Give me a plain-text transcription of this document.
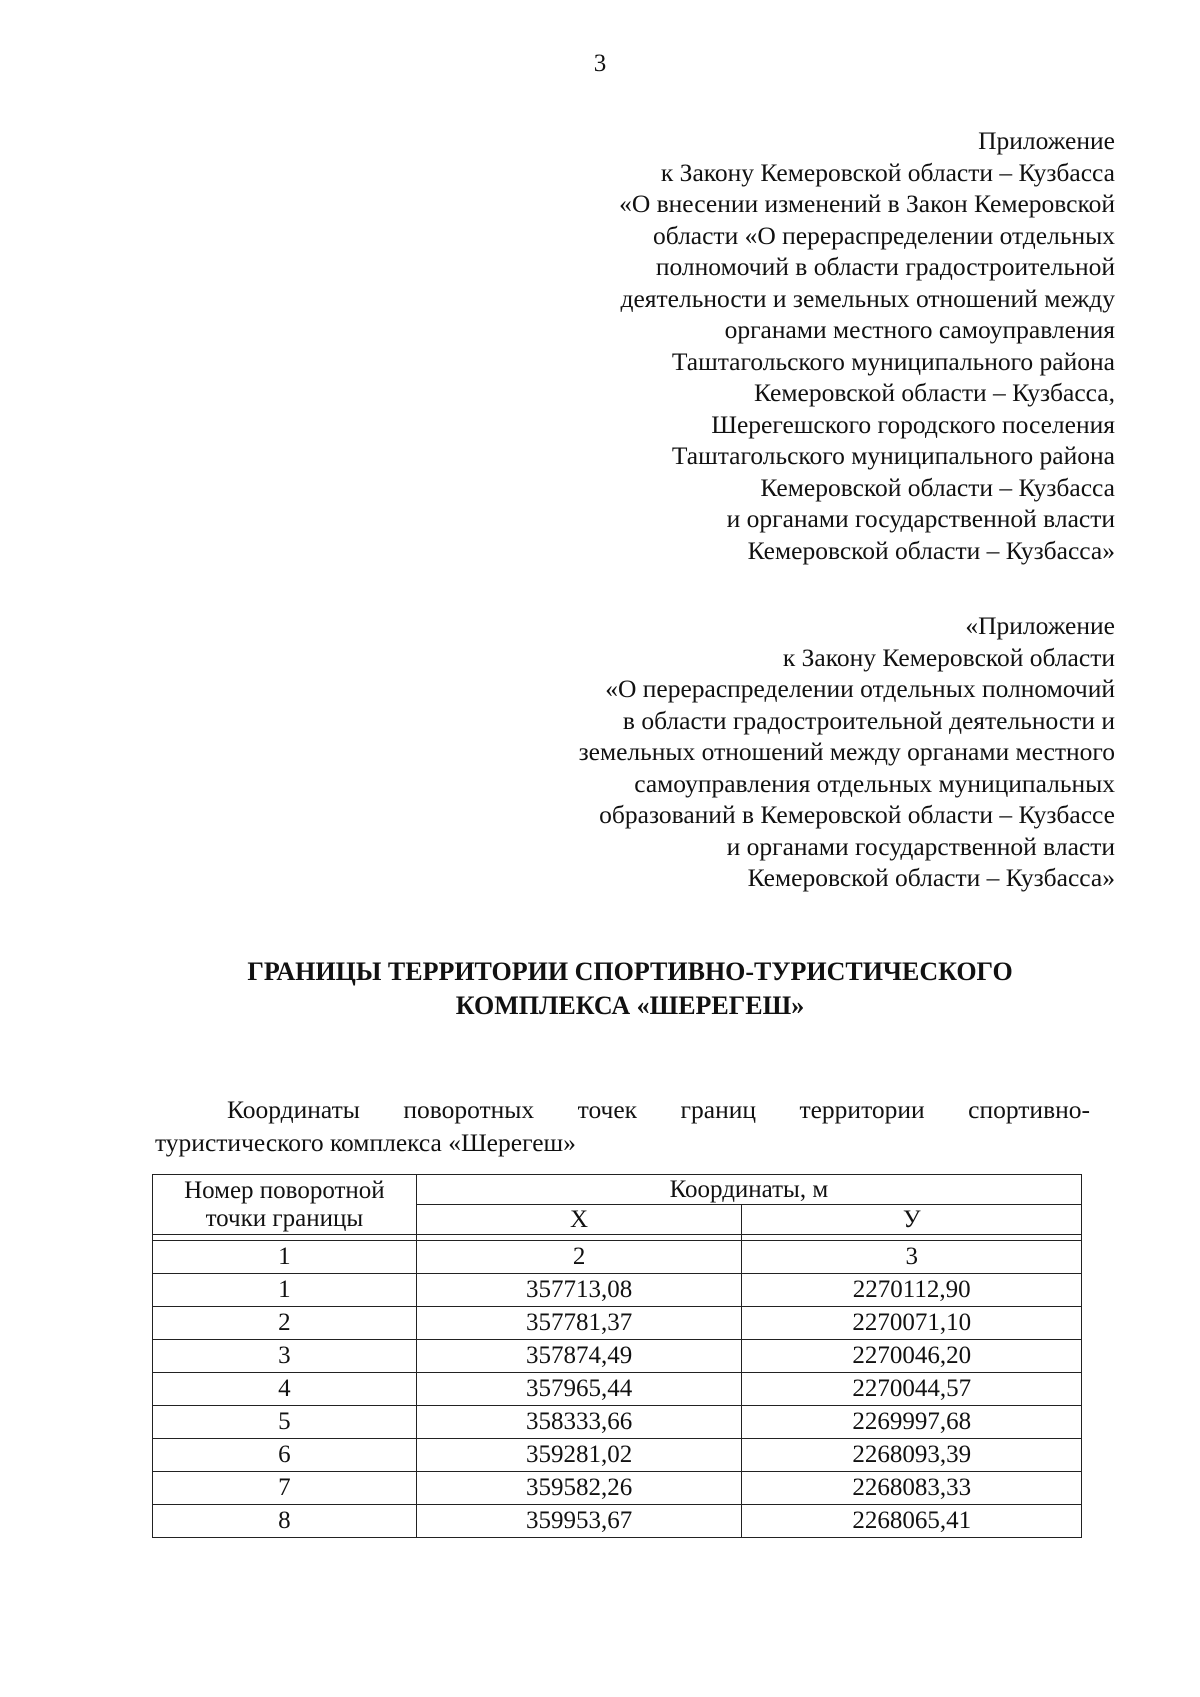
3
Приложение
к Закону Кемеровской области – Кузбасса
«О внесении изменений в Закон Кемеровской
области «О перераспределении отдельных
полномочий в области градостроительной
деятельности и земельных отношений между
органами местного самоуправления
Таштагольского муниципального района
Кемеровской области – Кузбасса,
Шерегешского городского поселения
Таштагольского муниципального района
Кемеровской области – Кузбасса
и органами государственной власти
Кемеровской области – Кузбасса»
«Приложение
к Закону Кемеровской области
«О перераспределении отдельных полномочий
в области градостроительной деятельности и
земельных отношений между органами местного
самоуправления отдельных муниципальных
образований в Кемеровской области – Кузбассе
и органами государственной власти
Кемеровской области – Кузбасса»
ГРАНИЦЫ ТЕРРИТОРИИ СПОРТИВНО-ТУРИСТИЧЕСКОГО
КОМПЛЕКСА «ШЕРЕГЕШ»
Координаты поворотных точек границ территории спортивно-
туристического комплекса «Шерегеш»
Номер поворотной точки границы	Координаты, м	
	X	У

1	2	3
1	357713,08	2270112,90
2	357781,37	2270071,10
3	357874,49	2270046,20
4	357965,44	2270044,57
5	358333,66	2269997,68
6	359281,02	2268093,39
7	359582,26	2268083,33
8	359953,67	2268065,41
